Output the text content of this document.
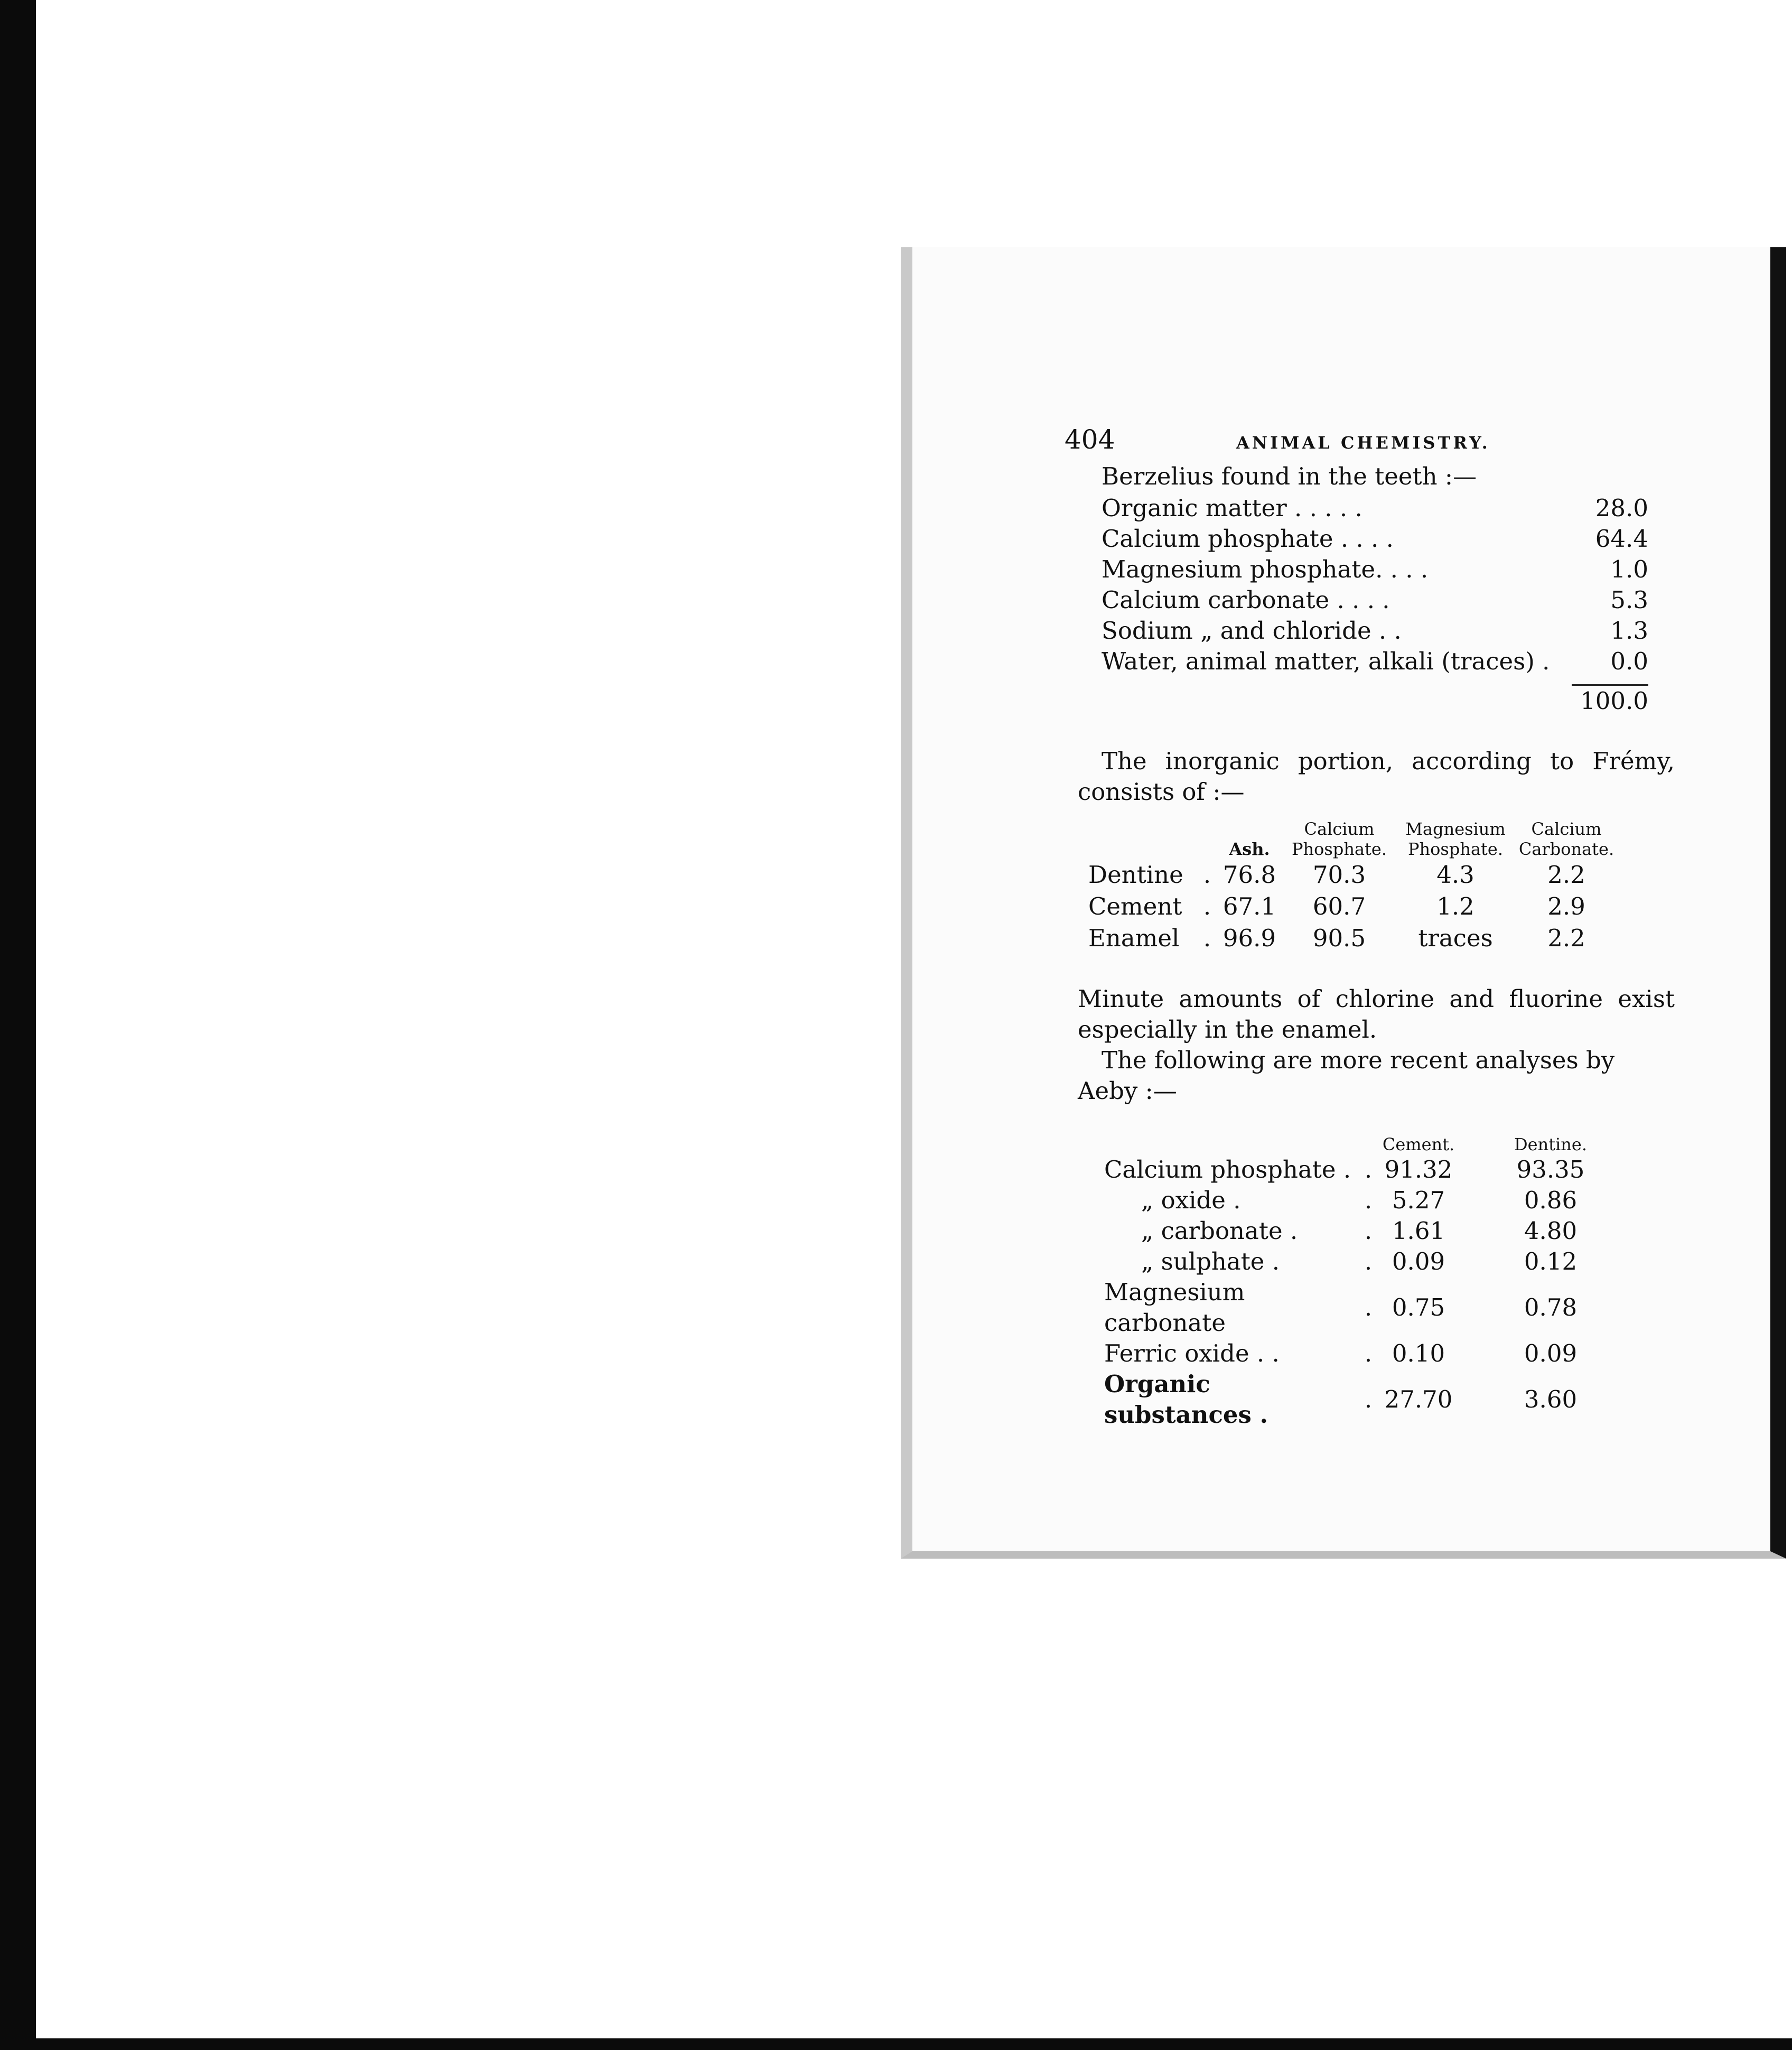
404	ANIMAL CHEMISTRY.

Berzelius found in the teeth :—

Organic matter . . . . .	28.0
Calcium phosphate . . . .	64.4
Magnesium phosphate. . . .	1.0
Calcium carbonate . . . .	5.3
Sodium „ and chloride . .	1.3
Water, animal matter, alkali (traces) .	0.0
100.0

The inorganic portion, according to Frémy, consists of :—

		Ash.	Calcium Phosphate.	Magnesium Phosphate.	Calcium Carbonate.
Dentine	.	76.8	70.3	4.3	2.2
Cement	.	67.1	60.7	1.2	2.9
Enamel	.	96.9	90.5	traces	2.2

Minute amounts of chlorine and fluorine exist especially in the enamel.

The following are more recent analyses by Aeby :—

		Cement.		Dentine.
Calcium phosphate .	.	91.32		93.35
„ oxide .	.	5.27		0.86
„ carbonate .	.	1.61		4.80
„ sulphate .	.	0.09		0.12
Magnesium carbonate	.	0.75		0.78
Ferric oxide . .	.	0.10		0.09
Organic substances .	.	27.70		3.60
